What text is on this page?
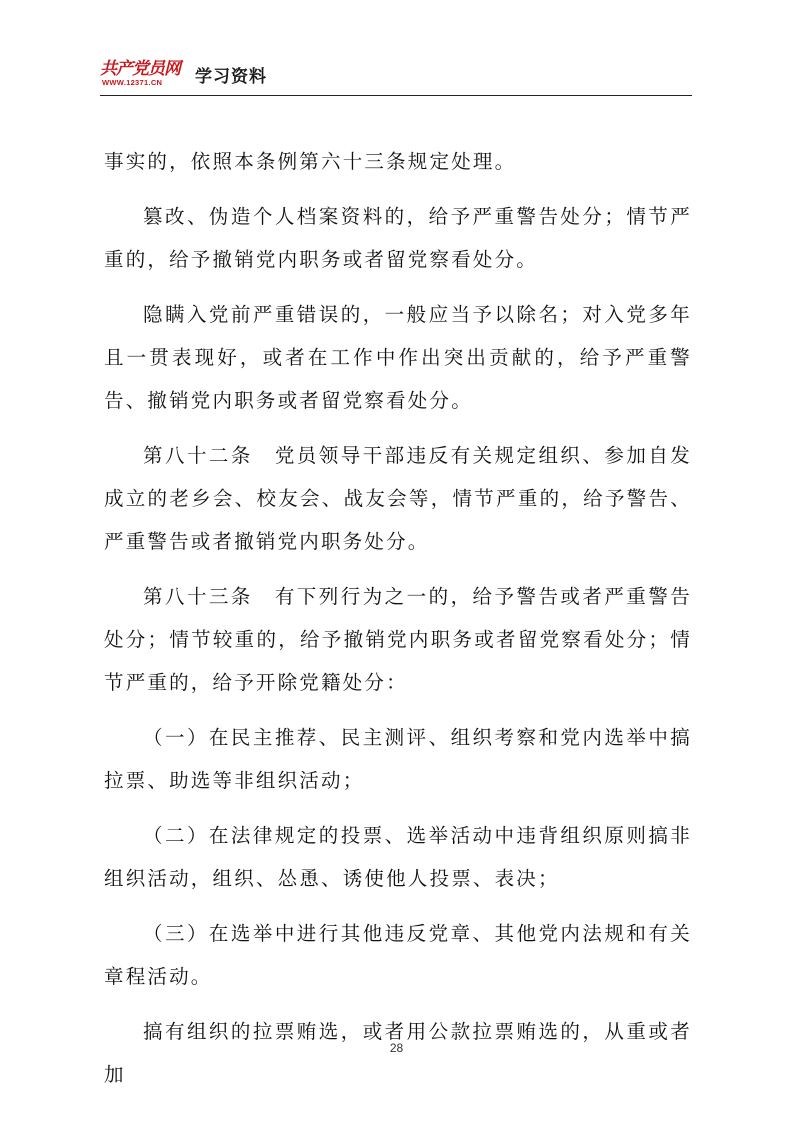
共产党员网
WWW.12371.CN 学习资料

事实的，依照本条例第六十三条规定处理。

篡改、伪造个人档案资料的，给予严重警告处分；情节严重的，给予撤销党内职务或者留党察看处分。

隐瞒入党前严重错误的，一般应当予以除名；对入党多年且一贯表现好，或者在工作中作出突出贡献的，给予严重警告、撤销党内职务或者留党察看处分。

第八十二条　党员领导干部违反有关规定组织、参加自发成立的老乡会、校友会、战友会等，情节严重的，给予警告、严重警告或者撤销党内职务处分。

第八十三条　有下列行为之一的，给予警告或者严重警告处分；情节较重的，给予撤销党内职务或者留党察看处分；情节严重的，给予开除党籍处分：

（一）在民主推荐、民主测评、组织考察和党内选举中搞拉票、助选等非组织活动；

（二）在法律规定的投票、选举活动中违背组织原则搞非组织活动，组织、怂恿、诱使他人投票、表决；

（三）在选举中进行其他违反党章、其他党内法规和有关章程活动。

搞有组织的拉票贿选，或者用公款拉票贿选的，从重或者加

28
